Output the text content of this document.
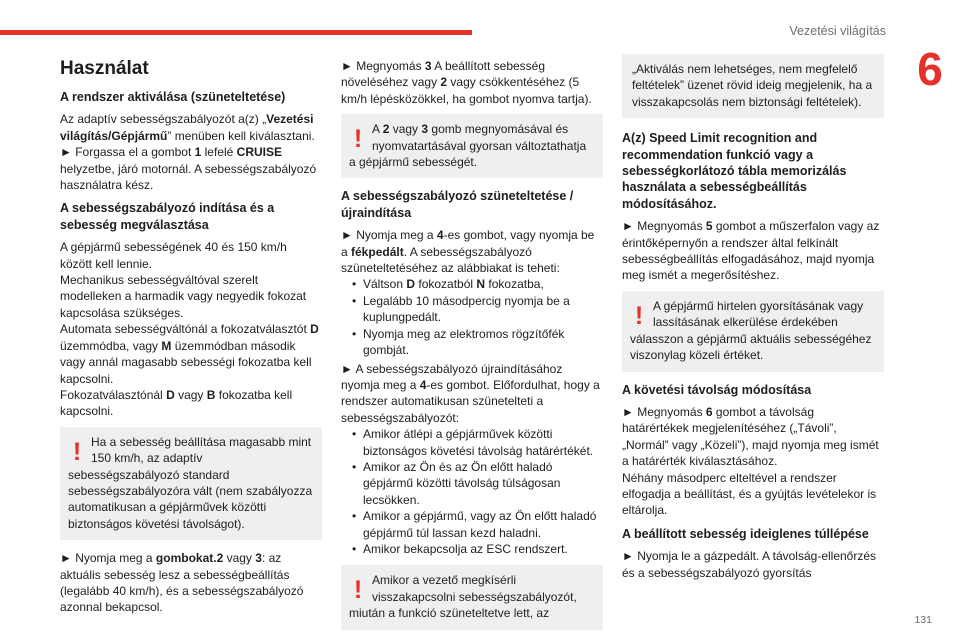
Vezetési világítás
6
131
Használat
A rendszer aktiválása (szüneteltetése)

Az adaptív sebességszabályozót a(z) „Vezetési világítás/Gépjármű” menüben kell kiválasztani.
► Forgassa el a gombot 1 lefelé CRUISE helyzetbe, járó motornál. A sebességszabályozó használatra kész.

A sebességszabályozó indítása és a sebesség megválasztása

A gépjármű sebességének 40 és 150 km/h között kell lennie.
Mechanikus sebességváltóval szerelt modelleken a harmadik vagy negyedik fokozat kapcsolása szükséges.
Automata sebességváltónál a fokozatválasztót D üzemmódba, vagy M üzemmódban második vagy annál magasabb sebességi fokozatba kell kapcsolni.
Fokozatválasztónál D vagy B fokozatba kell kapcsolni.

! Ha a sebesség beállítása magasabb mint 150 km/h, az adaptív
sebességszabályozó standard sebességszabályozóra vált (nem szabályozza automatikusan a gépjárművek közötti biztonságos követési távolságot).

► Nyomja meg a gombokat.2 vagy 3: az aktuális sebesség lesz a sebességbeállítás (legalább 40 km/h), és a sebességszabályozó azonnal bekapcsol.

► Megnyomás 3 A beállított sebesség növeléséhez vagy 2 vagy csökkentéséhez (5 km/h lépésközökkel, ha gombot nyomva tartja).

! A 2 vagy 3 gomb megnyomásával és nyomvatartásával gyorsan változtathatja
a gépjármű sebességét.
A sebességszabályozó szüneteltetése / újraindítása

► Nyomja meg a 4-es gombot, vagy nyomja be a fékpedált. A sebességszabályozó szüneteltetéséhez az alábbiakat is teheti:

• Váltson D fokozatból N fokozatba,
• Legalább 10 másodpercig nyomja be a kuplungpedált.
• Nyomja meg az elektromos rögzítőfék gombját.

► A sebességszabályozó újraindításához nyomja meg a 4-es gombot. Előfordulhat, hogy a rendszer automatikusan szünetelteti a sebességszabályozót:

• Amikor átlépi a gépjárművek közötti biztonságos követési távolság határértékét.
• Amikor az Ön és az Ön előtt haladó gépjármű közötti távolság túlságosan lecsökken.
• Amikor a gépjármű, vagy az Ön előtt haladó gépjármű túl lassan kezd haladni.
• Amikor bekapcsolja az ESC rendszert.
! Amikor a vezető megkísérli visszakapcsolni sebességszabályozót,
miután a funkció szüneteltetve lett, az
„Aktiválás nem lehetséges, nem megfelelő feltételek” üzenet rövid ideig megjelenik, ha a visszakapcsolás nem biztonsági feltételek).
A(z) Speed Limit recognition and recommendation funkció vagy a sebességkorlátozó tábla memorizálás használata a sebességbeállítás módosításához.

► Megnyomás 5 gombot a műszerfalon vagy az érintőképernyőn a rendszer által felkínált sebességbeállítás elfogadásához, majd nyomja meg ismét a megerősítéshez.

! A gépjármű hirtelen gyorsításának vagy lassításának elkerülése érdekében
válasszon a gépjármű aktuális sebességéhez viszonylag közeli értéket.
A követési távolság módosítása

► Megnyomás 6 gombot a távolság határértékek megjelenítéséhez („Távoli”, „Normál” vagy „Közeli”), majd nyomja meg ismét a határérték kiválasztásához.
Néhány másodperc elteltével a rendszer elfogadja a beállítást, és a gyújtás levételekor is eltárolja.

A beállított sebesség ideiglenes túllépése

► Nyomja le a gázpedált. A távolság-ellenőrzés és a sebességszabályozó gyorsítás
